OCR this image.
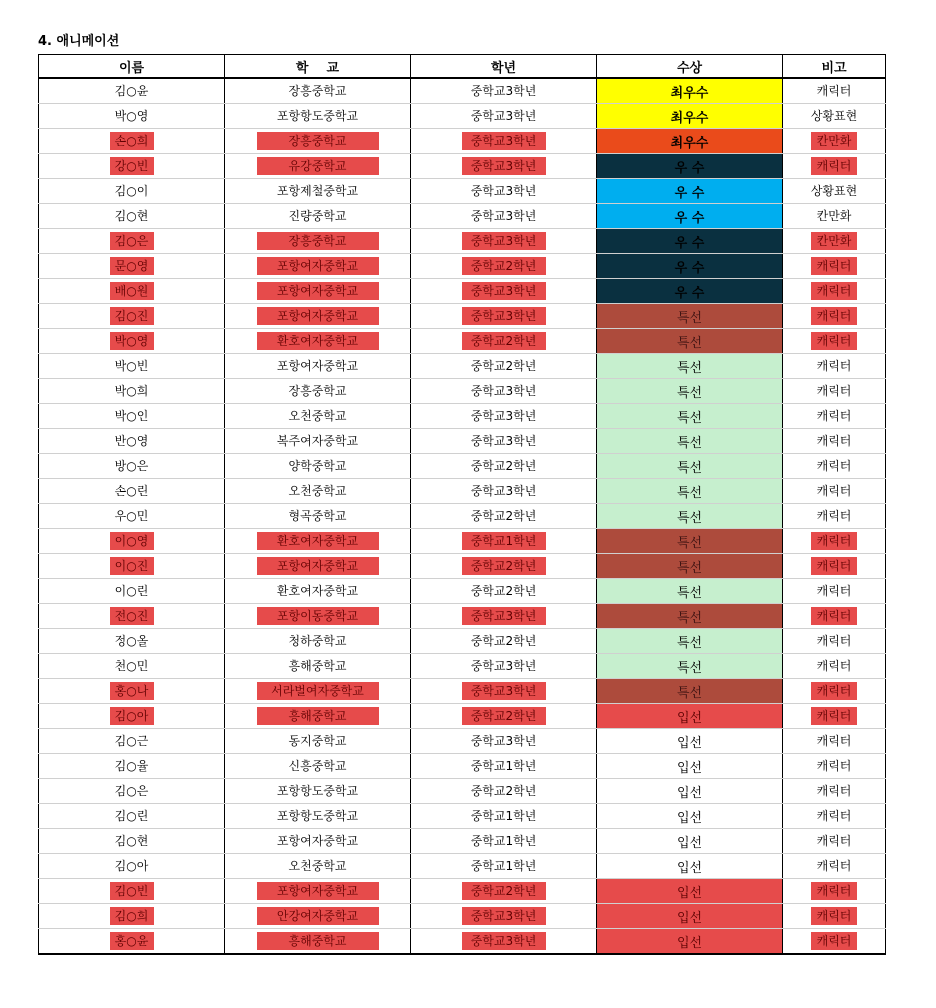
4. 애니메이션
이름	학    교	학년	수상	비고
김○윤	장흥중학교	중학교3학년	최우수	캐릭터
박○영	포항항도중학교	중학교3학년	최우수	상황표현
손○희	장흥중학교	중학교3학년	최우수	칸만화
강○빈	유강중학교	중학교3학년	우 수	캐릭터
김○이	포항제철중학교	중학교3학년	우 수	상황표현
김○현	진량중학교	중학교3학년	우 수	칸만화
김○은	장흥중학교	중학교3학년	우 수	칸만화
문○영	포항여자중학교	중학교2학년	우 수	캐릭터
배○원	포항여자중학교	중학교3학년	우 수	캐릭터
김○진	포항여자중학교	중학교3학년	특선	캐릭터
박○영	환호여자중학교	중학교2학년	특선	캐릭터
박○빈	포항여자중학교	중학교2학년	특선	캐릭터
박○희	장흥중학교	중학교3학년	특선	캐릭터
박○인	오천중학교	중학교3학년	특선	캐릭터
반○영	복주여자중학교	중학교3학년	특선	캐릭터
방○은	양학중학교	중학교2학년	특선	캐릭터
손○린	오천중학교	중학교3학년	특선	캐릭터
우○민	형곡중학교	중학교2학년	특선	캐릭터
이○영	환호여자중학교	중학교1학년	특선	캐릭터
이○진	포항여자중학교	중학교2학년	특선	캐릭터
이○린	환호여자중학교	중학교2학년	특선	캐릭터
전○진	포항이동중학교	중학교3학년	특선	캐릭터
정○올	청하중학교	중학교2학년	특선	캐릭터
천○민	흥해중학교	중학교3학년	특선	캐릭터
홍○나	서라벌여자중학교	중학교3학년	특선	캐릭터
김○아	흥해중학교	중학교2학년	입선	캐릭터
김○근	동지중학교	중학교3학년	입선	캐릭터
김○율	신흥중학교	중학교1학년	입선	캐릭터
김○은	포항항도중학교	중학교2학년	입선	캐릭터
김○린	포항항도중학교	중학교1학년	입선	캐릭터
김○현	포항여자중학교	중학교1학년	입선	캐릭터
김○아	오천중학교	중학교1학년	입선	캐릭터
김○빈	포항여자중학교	중학교2학년	입선	캐릭터
김○희	안강여자중학교	중학교3학년	입선	캐릭터
홍○윤	흥해중학교	중학교3학년	입선	캐릭터
